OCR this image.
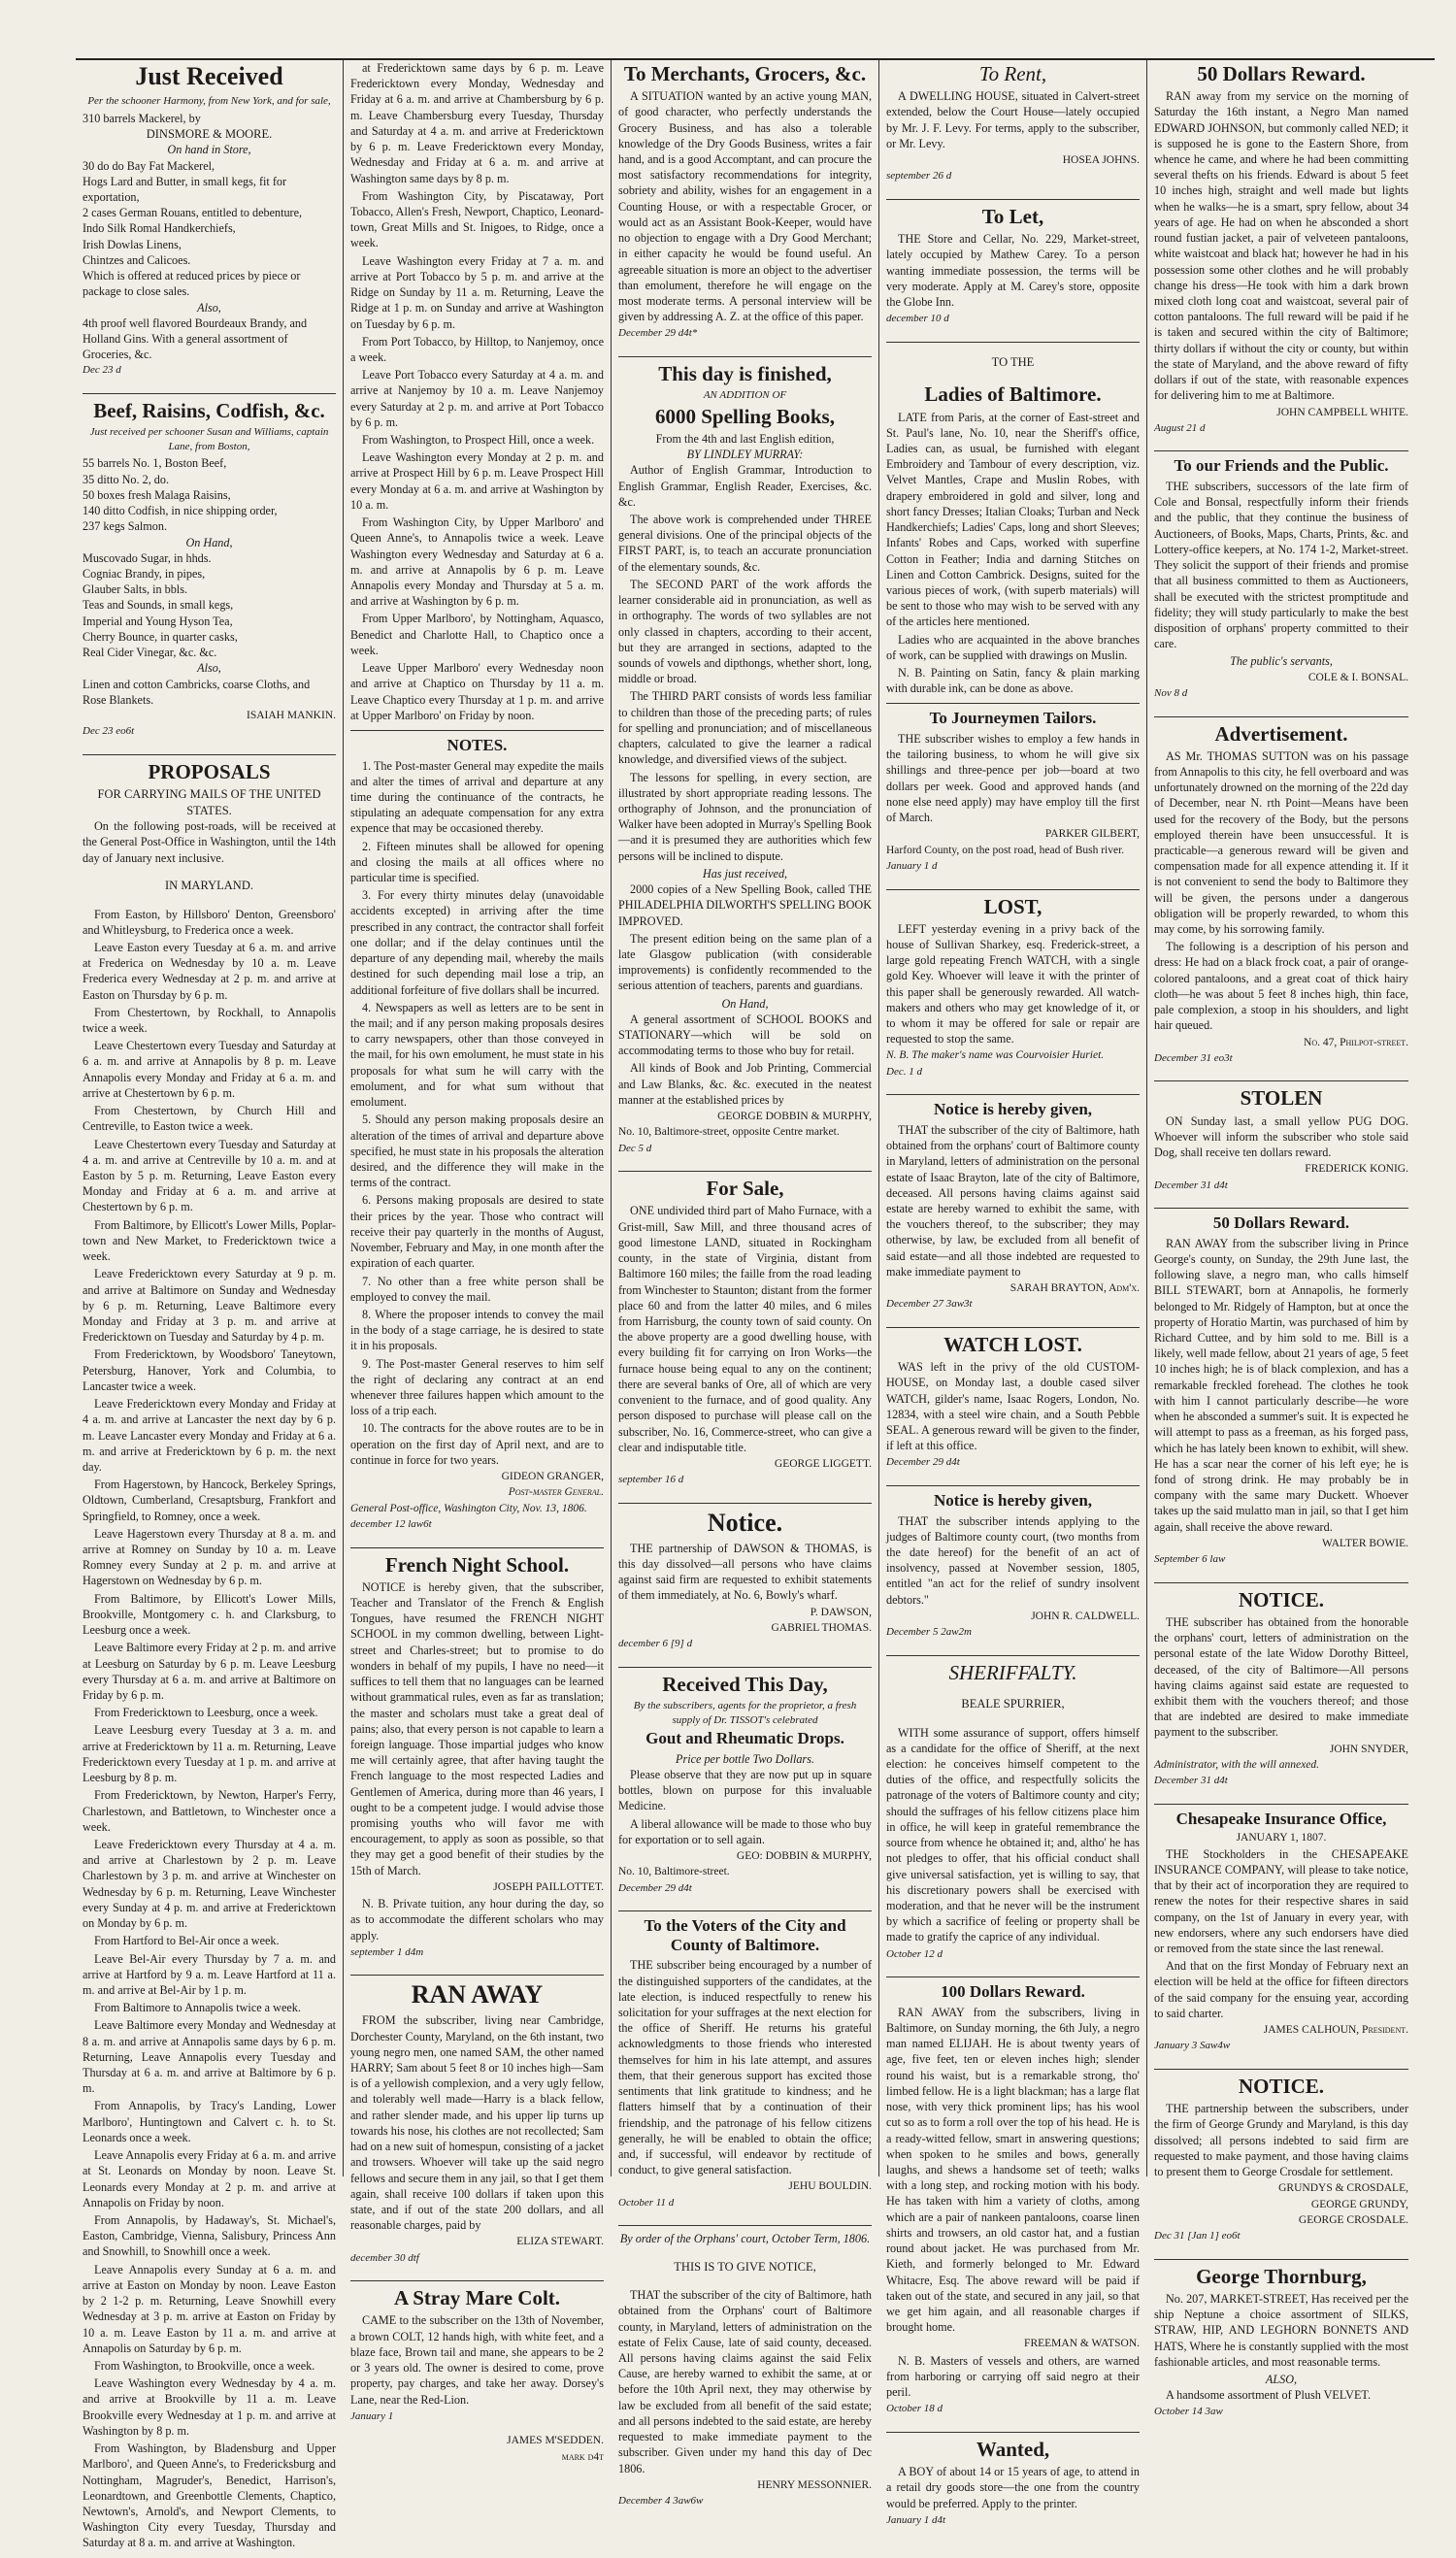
Just Received
Per the schooner Harmony, from New York, and for sale,

310 barrels Mackerel, by

DINSMORE & MOORE.

On hand in Store,

30 do do Bay Fat Mackerel,

Hogs Lard and Butter, in small kegs, fit for exportation,

2 cases German Rouans, entitled to debenture,

Indo Silk Romal Handkerchiefs,

Irish Dowlas Linens,

Chintzes and Calicoes.

Which is offered at reduced prices by piece or package to close sales.

Also,

4th proof well flavored Bourdeaux Brandy, and Holland Gins. With a general assortment of Groceries, &c.

Dec 23 d

Beef, Raisins, Codfish, &c.
Just received per schooner Susan and Williams, captain Lane, from Boston,

55 barrels No. 1, Boston Beef,

35 ditto No. 2, do.

50 boxes fresh Malaga Raisins,

140 ditto Codfish, in nice shipping order,

237 kegs Salmon.

On Hand,

Muscovado Sugar, in hhds.

Cogniac Brandy, in pipes,

Glauber Salts, in bbls.

Teas and Sounds, in small kegs,

Imperial and Young Hyson Tea,

Cherry Bounce, in quarter casks,

Real Cider Vinegar, &c. &c.

Also,

Linen and cotton Cambricks, coarse Cloths, and Rose Blankets.

ISAIAH MANKIN.

Dec 23 eo6t

PROPOSALS
FOR CARRYING MAILS OF THE UNITED STATES.

On the following post-roads, will be received at the General Post-Office in Washington, until the 14th day of January next inclusive.

IN MARYLAND.

From Easton, by Hillsboro' Denton, Greensboro' and Whitleysburg, to Frederica once a week.

Leave Easton every Tuesday at 6 a. m. and arrive at Frederica on Wednesday by 10 a. m. Leave Frederica every Wednesday at 2 p. m. and arrive at Easton on Thursday by 6 p. m.

From Chestertown, by Rockhall, to Annapolis twice a week.

Leave Chestertown every Tuesday and Saturday at 6 a. m. and arrive at Annapolis by 8 p. m. Leave Annapolis every Monday and Friday at 6 a. m. and arrive at Chestertown by 6 p. m.

From Chestertown, by Church Hill and Centreville, to Easton twice a week.

Leave Chestertown every Tuesday and Saturday at 4 a. m. and arrive at Centreville by 10 a. m. and at Easton by 5 p. m. Returning, Leave Easton every Monday and Friday at 6 a. m. and arrive at Chestertown by 6 p. m.

From Baltimore, by Ellicott's Lower Mills, Poplar-town and New Market, to Fredericktown twice a week.

Leave Fredericktown every Saturday at 9 p. m. and arrive at Baltimore on Sunday and Wednesday by 6 p. m. Returning, Leave Baltimore every Monday and Friday at 3 p. m. and arrive at Fredericktown on Tuesday and Saturday by 4 p. m.

From Fredericktown, by Woodsboro' Taneytown, Petersburg, Hanover, York and Columbia, to Lancaster twice a week.

Leave Fredericktown every Monday and Friday at 4 a. m. and arrive at Lancaster the next day by 6 p. m. Leave Lancaster every Monday and Friday at 6 a. m. and arrive at Fredericktown by 6 p. m. the next day.

From Hagerstown, by Hancock, Berkeley Springs, Oldtown, Cumberland, Cresaptsburg, Frankfort and Springfield, to Romney, once a week.

Leave Hagerstown every Thursday at 8 a. m. and arrive at Romney on Sunday by 10 a. m. Leave Romney every Sunday at 2 p. m. and arrive at Hagerstown on Wednesday by 6 p. m.

From Baltimore, by Ellicott's Lower Mills, Brookville, Montgomery c. h. and Clarksburg, to Leesburg once a week.

Leave Baltimore every Friday at 2 p. m. and arrive at Leesburg on Saturday by 6 p. m. Leave Leesburg every Thursday at 6 a. m. and arrive at Baltimore on Friday by 6 p. m.

From Fredericktown to Leesburg, once a week.

Leave Leesburg every Tuesday at 3 a. m. and arrive at Fredericktown by 11 a. m. Returning, Leave Fredericktown every Tuesday at 1 p. m. and arrive at Leesburg by 8 p. m.

From Fredericktown, by Newton, Harper's Ferry, Charlestown, and Battletown, to Winchester once a week.

Leave Fredericktown every Thursday at 4 a. m. and arrive at Charlestown by 2 p. m. Leave Charlestown by 3 p. m. and arrive at Winchester on Wednesday by 6 p. m. Returning, Leave Winchester every Sunday at 4 p. m. and arrive at Fredericktown on Monday by 6 p. m.

From Hartford to Bel-Air once a week.

Leave Bel-Air every Thursday by 7 a. m. and arrive at Hartford by 9 a. m. Leave Hartford at 11 a. m. and arrive at Bel-Air by 1 p. m.

From Baltimore to Annapolis twice a week.

Leave Baltimore every Monday and Wednesday at 8 a. m. and arrive at Annapolis same days by 6 p. m. Returning, Leave Annapolis every Tuesday and Thursday at 6 a. m. and arrive at Baltimore by 6 p. m.

From Annapolis, by Tracy's Landing, Lower Marlboro', Huntingtown and Calvert c. h. to St. Leonards once a week.

Leave Annapolis every Friday at 6 a. m. and arrive at St. Leonards on Monday by noon. Leave St. Leonards every Monday at 2 p. m. and arrive at Annapolis on Friday by noon.

From Annapolis, by Hadaway's, St. Michael's, Easton, Cambridge, Vienna, Salisbury, Princess Ann and Snowhill, to Snowhill once a week.

Leave Annapolis every Sunday at 6 a. m. and arrive at Easton on Monday by noon. Leave Easton by 2 1-2 p. m. Returning, Leave Snowhill every Wednesday at 3 p. m. arrive at Easton on Friday by 10 a. m. Leave Easton by 11 a. m. and arrive at Annapolis on Saturday by 6 p. m.

From Washington, to Brookville, once a week.

Leave Washington every Wednesday by 4 a. m. and arrive at Brookville by 11 a. m. Leave Brookville every Wednesday at 1 p. m. and arrive at Washington by 8 p. m.

From Washington, by Bladensburg and Upper Marlboro', and Queen Anne's, to Fredericksburg and Nottingham, Magruder's, Benedict, Harrison's, Leonardtown, and Greenbottle Clements, Chaptico, Newtown's, Arnold's, and Newport Clements, to Washington City every Tuesday, Thursday and Saturday at 8 a. m. and arrive at Washington.

at Fredericktown same days by 6 p. m. Leave Fredericktown every Monday, Wednesday and Friday at 6 a. m. and arrive at Chambersburg by 6 p. m. Leave Chambersburg every Tuesday, Thursday and Saturday at 4 a. m. and arrive at Fredericktown by 6 p. m. Leave Fredericktown every Monday, Wednesday and Friday at 6 a. m. and arrive at Washington same days by 8 p. m.

From Washington City, by Piscataway, Port Tobacco, Allen's Fresh, Newport, Chaptico, Leonard-town, Great Mills and St. Inigoes, to Ridge, once a week.

Leave Washington every Friday at 7 a. m. and arrive at Port Tobacco by 5 p. m. and arrive at the Ridge on Sunday by 11 a. m. Returning, Leave the Ridge at 1 p. m. on Sunday and arrive at Washington on Tuesday by 6 p. m.

From Port Tobacco, by Hilltop, to Nanjemoy, once a week.

Leave Port Tobacco every Saturday at 4 a. m. and arrive at Nanjemoy by 10 a. m. Leave Nanjemoy every Saturday at 2 p. m. and arrive at Port Tobacco by 6 p. m.

From Washington, to Prospect Hill, once a week.

Leave Washington every Monday at 2 p. m. and arrive at Prospect Hill by 6 p. m. Leave Prospect Hill every Monday at 6 a. m. and arrive at Washington by 10 a. m.

From Washington City, by Upper Marlboro' and Queen Anne's, to Annapolis twice a week. Leave Washington every Wednesday and Saturday at 6 a. m. and arrive at Annapolis by 6 p. m. Leave Annapolis every Monday and Thursday at 5 a. m. and arrive at Washington by 6 p. m.

From Upper Marlboro', by Nottingham, Aquasco, Benedict and Charlotte Hall, to Chaptico once a week.

Leave Upper Marlboro' every Wednesday noon and arrive at Chaptico on Thursday by 11 a. m. Leave Chaptico every Thursday at 1 p. m. and arrive at Upper Marlboro' on Friday by noon.

NOTES.

1. The Post-master General may expedite the mails and alter the times of arrival and departure at any time during the continuance of the contracts, he stipulating an adequate compensation for any extra expence that may be occasioned thereby.

2. Fifteen minutes shall be allowed for opening and closing the mails at all offices where no particular time is specified.

3. For every thirty minutes delay (unavoidable accidents excepted) in arriving after the time prescribed in any contract, the contractor shall forfeit one dollar; and if the delay continues until the departure of any depending mail, whereby the mails destined for such depending mail lose a trip, an additional forfeiture of five dollars shall be incurred.

4. Newspapers as well as letters are to be sent in the mail; and if any person making proposals desires to carry newspapers, other than those conveyed in the mail, for his own emolument, he must state in his proposals for what sum he will carry with the emolument, and for what sum without that emolument.

5. Should any person making proposals desire an alteration of the times of arrival and departure above specified, he must state in his proposals the alteration desired, and the difference they will make in the terms of the contract.

6. Persons making proposals are desired to state their prices by the year. Those who contract will receive their pay quarterly in the months of August, November, February and May, in one month after the expiration of each quarter.

7. No other than a free white person shall be employed to convey the mail.

8. Where the proposer intends to convey the mail in the body of a stage carriage, he is desired to state it in his proposals.

9. The Post-master General reserves to him self the right of declaring any contract at an end whenever three failures happen which amount to the loss of a trip each.

10. The contracts for the above routes are to be in operation on the first day of April next, and are to continue in force for two years.

GIDEON GRANGER,

Post-master General.

General Post-office, Washington City, Nov. 13, 1806.

december 12 law6t

French Night School.

NOTICE is hereby given, that the subscriber, Teacher and Translator of the French & English Tongues, have resumed the FRENCH NIGHT SCHOOL in my common dwelling, between Light-street and Charles-street; but to promise to do wonders in behalf of my pupils, I have no need—it suffices to tell them that no languages can be learned without grammatical rules, even as far as translation; the master and scholars must take a great deal of pains; also, that every person is not capable to learn a foreign language. Those impartial judges who know me will certainly agree, that after having taught the French language to the most respected Ladies and Gentlemen of America, during more than 46 years, I ought to be a competent judge. I would advise those promising youths who will favor me with encouragement, to apply as soon as possible, so that they may get a good benefit of their studies by the 15th of March.

JOSEPH PAILLOTTET.

N. B. Private tuition, any hour during the day, so as to accommodate the different scholars who may apply.

september 1 d4m

RAN AWAY

FROM the subscriber, living near Cambridge, Dorchester County, Maryland, on the 6th instant, two young negro men, one named SAM, the other named HARRY; Sam about 5 feet 8 or 10 inches high—Sam is of a yellowish complexion, and a very ugly fellow, and tolerably well made—Harry is a black fellow, and rather slender made, and his upper lip turns up towards his nose, his clothes are not recollected; Sam had on a new suit of homespun, consisting of a jacket and trowsers. Whoever will take up the said negro fellows and secure them in any jail, so that I get them again, shall receive 100 dollars if taken upon this state, and if out of the state 200 dollars, and all reasonable charges, paid by

ELIZA STEWART.

december 30 dtf

A Stray Mare Colt.

CAME to the subscriber on the 13th of November, a brown COLT, 12 hands high, with white feet, and a blaze face, Brown tail and mane, she appears to be 2 or 3 years old. The owner is desired to come, prove property, pay charges, and take her away. Dorsey's Lane, near the Red-Lion.

January 1

JAMES M'SEDDEN.

mark d4t

To Merchants, Grocers, &c.

A SITUATION wanted by an active young MAN, of good character, who perfectly understands the Grocery Business, and has also a tolerable knowledge of the Dry Goods Business, writes a fair hand, and is a good Accomptant, and can procure the most satisfactory recommendations for integrity, sobriety and ability, wishes for an engagement in a Counting House, or with a respectable Grocer, or would act as an Assistant Book-Keeper, would have no objection to engage with a Dry Good Merchant; in either capacity he would be found useful. An agreeable situation is more an object to the advertiser than emolument, therefore he will engage on the most moderate terms. A personal interview will be given by addressing A. Z. at the office of this paper.

December 29 d4t*

This day is finished,
AN ADDITION OF
6000 Spelling Books,

From the 4th and last English edition,

BY LINDLEY MURRAY:

Author of English Grammar, Introduction to English Grammar, English Reader, Exercises, &c. &c.

The above work is comprehended under THREE general divisions. One of the principal objects of the FIRST PART, is, to teach an accurate pronunciation of the elementary sounds, &c.

The SECOND PART of the work affords the learner considerable aid in pronunciation, as well as in orthography. The words of two syllables are not only classed in chapters, according to their accent, but they are arranged in sections, adapted to the sounds of vowels and dipthongs, whether short, long, middle or broad.

The THIRD PART consists of words less familiar to children than those of the preceding parts; of rules for spelling and pronunciation; and of miscellaneous chapters, calculated to give the learner a radical knowledge, and diversified views of the subject.

The lessons for spelling, in every section, are illustrated by short appropriate reading lessons. The orthography of Johnson, and the pronunciation of Walker have been adopted in Murray's Spelling Book—and it is presumed they are authorities which few persons will be inclined to dispute.

Has just received,

2000 copies of a New Spelling Book, called THE PHILADELPHIA DILWORTH'S SPELLING BOOK IMPROVED.

The present edition being on the same plan of a late Glasgow publication (with considerable improvements) is confidently recommended to the serious attention of teachers, parents and guardians.

On Hand,

A general assortment of SCHOOL BOOKS and STATIONARY—which will be sold on accommodating terms to those who buy for retail.

All kinds of Book and Job Printing, Commercial and Law Blanks, &c. &c. executed in the neatest manner at the established prices by

GEORGE DOBBIN & MURPHY,

No. 10, Baltimore-street, opposite Centre market.

Dec 5 d

For Sale,

ONE undivided third part of Maho Furnace, with a Grist-mill, Saw Mill, and three thousand acres of good limestone LAND, situated in Rockingham county, in the state of Virginia, distant from Baltimore 160 miles; the faille from the road leading from Winchester to Staunton; distant from the former place 60 and from the latter 40 miles, and 6 miles from Harrisburg, the county town of said county. On the above property are a good dwelling house, with every building fit for carrying on Iron Works—the furnace house being equal to any on the continent; there are several banks of Ore, all of which are very convenient to the furnace, and of good quality. Any person disposed to purchase will please call on the subscriber, No. 16, Commerce-street, who can give a clear and indisputable title.

GEORGE LIGGETT.

september 16 d

Notice.

THE partnership of DAWSON & THOMAS, is this day dissolved—all persons who have claims against said firm are requested to exhibit statements of them immediately, at No. 6, Bowly's wharf.

P. DAWSON,

GABRIEL THOMAS.

december 6 [9] d

Received This Day,
By the subscribers, agents for the proprietor, a fresh supply of Dr. TISSOT's celebrated
Gout and Rheumatic Drops.

Price per bottle Two Dollars.

Please observe that they are now put up in square bottles, blown on purpose for this invaluable Medicine.

A liberal allowance will be made to those who buy for exportation or to sell again.

GEO: DOBBIN & MURPHY,

No. 10, Baltimore-street.

December 29 d4t

To the Voters of the City and County of Baltimore.

THE subscriber being encouraged by a number of the distinguished supporters of the candidates, at the late election, is induced respectfully to renew his solicitation for your suffrages at the next election for the office of Sheriff. He returns his grateful acknowledgments to those friends who interested themselves for him in his late attempt, and assures them, that their generous support has excited those sentiments that link gratitude to kindness; and he flatters himself that by a continuation of their friendship, and the patronage of his fellow citizens generally, he will be enabled to obtain the office; and, if successful, will endeavor by rectitude of conduct, to give general satisfaction.

JEHU BOULDIN.

October 11 d

By order of the Orphans' court, October Term, 1806.

THIS IS TO GIVE NOTICE,

THAT the subscriber of the city of Baltimore, hath obtained from the Orphans' court of Baltimore county, in Maryland, letters of administration on the estate of Felix Cause, late of said county, deceased. All persons having claims against the said Felix Cause, are hereby warned to exhibit the same, at or before the 10th April next, they may otherwise by law be excluded from all benefit of the said estate; and all persons indebted to the said estate, are hereby requested to make immediate payment to the subscriber. Given under my hand this day of Dec 1806.

HENRY MESSONNIER.

December 4 3aw6w

To Rent,

A DWELLING HOUSE, situated in Calvert-street extended, below the Court House—lately occupied by Mr. J. F. Levy. For terms, apply to the subscriber, or Mr. Levy.

HOSEA JOHNS.

september 26 d

To Let,

THE Store and Cellar, No. 229, Market-street, lately occupied by Mathew Carey. To a person wanting immediate possession, the terms will be very moderate. Apply at M. Carey's store, opposite the Globe Inn.

december 10 d

TO THE

Ladies of Baltimore.

LATE from Paris, at the corner of East-street and St. Paul's lane, No. 10, near the Sheriff's office, Ladies can, as usual, be furnished with elegant Embroidery and Tambour of every description, viz. Velvet Mantles, Crape and Muslin Robes, with drapery embroidered in gold and silver, long and short fancy Dresses; Italian Cloaks; Turban and Neck Handkerchiefs; Ladies' Caps, long and short Sleeves; Infants' Robes and Caps, worked with superfine Cotton in Feather; India and darning Stitches on Linen and Cotton Cambrick. Designs, suited for the various pieces of work, (with superb materials) will be sent to those who may wish to be served with any of the articles here mentioned.

Ladies who are acquainted in the above branches of work, can be supplied with drawings on Muslin.

N. B. Painting on Satin, fancy & plain marking with durable ink, can be done as above.

To Journeymen Tailors.

THE subscriber wishes to employ a few hands in the tailoring business, to whom he will give six shillings and three-pence per job—board at two dollars per week. Good and approved hands (and none else need apply) may have employ till the first of March.

PARKER GILBERT,

Harford County, on the post road, head of Bush river.

January 1 d

LOST,

LEFT yesterday evening in a privy back of the house of Sullivan Sharkey, esq. Frederick-street, a large gold repeating French WATCH, with a single gold Key. Whoever will leave it with the printer of this paper shall be generously rewarded. All watch-makers and others who may get knowledge of it, or to whom it may be offered for sale or repair are requested to stop the same.

N. B. The maker's name was Courvoisier Huriet.

Dec. 1 d

Notice is hereby given,

THAT the subscriber of the city of Baltimore, hath obtained from the orphans' court of Baltimore county in Maryland, letters of administration on the personal estate of Isaac Brayton, late of the city of Baltimore, deceased. All persons having claims against said estate are hereby warned to exhibit the same, with the vouchers thereof, to the subscriber; they may otherwise, by law, be excluded from all benefit of said estate—and all those indebted are requested to make immediate payment to

SARAH BRAYTON, Adm'x.

December 27 3aw3t

WATCH LOST.

WAS left in the privy of the old CUSTOM-HOUSE, on Monday last, a double cased silver WATCH, gilder's name, Isaac Rogers, London, No. 12834, with a steel wire chain, and a South Pebble SEAL. A generous reward will be given to the finder, if left at this office.

December 29 d4t

Notice is hereby given,

THAT the subscriber intends applying to the judges of Baltimore county court, (two months from the date hereof) for the benefit of an act of insolvency, passed at November session, 1805, entitled "an act for the relief of sundry insolvent debtors."

JOHN R. CALDWELL.

December 5 2aw2m

SHERIFFALTY.

BEALE SPURRIER,

WITH some assurance of support, offers himself as a candidate for the office of Sheriff, at the next election: he conceives himself competent to the duties of the office, and respectfully solicits the patronage of the voters of Baltimore county and city; should the suffrages of his fellow citizens place him in office, he will keep in grateful remembrance the source from whence he obtained it; and, altho' he has not pledges to offer, that his official conduct shall give universal satisfaction, yet is willing to say, that his discretionary powers shall be exercised with moderation, and that he never will be the instrument by which a sacrifice of feeling or property shall be made to gratify the caprice of any individual.

October 12 d

100 Dollars Reward.

RAN AWAY from the subscribers, living in Baltimore, on Sunday morning, the 6th July, a negro man named ELIJAH. He is about twenty years of age, five feet, ten or eleven inches high; slender round his waist, but is a remarkable strong, tho' limbed fellow. He is a light blackman; has a large flat nose, with very thick prominent lips; has his wool cut so as to form a roll over the top of his head. He is a ready-witted fellow, smart in answering questions; when spoken to he smiles and bows, generally laughs, and shews a handsome set of teeth; walks with a long step, and rocking motion with his body. He has taken with him a variety of cloths, among which are a pair of nankeen pantaloons, coarse linen shirts and trowsers, an old castor hat, and a fustian round about jacket. He was purchased from Mr. Kieth, and formerly belonged to Mr. Edward Whitacre, Esq. The above reward will be paid if taken out of the state, and secured in any jail, so that we get him again, and all reasonable charges if brought home.

FREEMAN & WATSON.

N. B. Masters of vessels and others, are warned from harboring or carrying off said negro at their peril.

October 18 d

Wanted,

A BOY of about 14 or 15 years of age, to attend in a retail dry goods store—the one from the country would be preferred. Apply to the printer.

January 1 d4t

50 Dollars Reward.

RAN away from my service on the morning of Saturday the 16th instant, a Negro Man named EDWARD JOHNSON, but commonly called NED; it is supposed he is gone to the Eastern Shore, from whence he came, and where he had been committing several thefts on his friends. Edward is about 5 feet 10 inches high, straight and well made but lights when he walks—he is a smart, spry fellow, about 34 years of age. He had on when he absconded a short round fustian jacket, a pair of velveteen pantaloons, white waistcoat and black hat; however he had in his possession some other clothes and he will probably change his dress—He took with him a dark brown mixed cloth long coat and waistcoat, several pair of cotton pantaloons. The full reward will be paid if he is taken and secured within the city of Baltimore; thirty dollars if without the city or county, but within the state of Maryland, and the above reward of fifty dollars if out of the state, with reasonable expences for delivering him to me at Baltimore.

JOHN CAMPBELL WHITE.

August 21 d

To our Friends and the Public.

THE subscribers, successors of the late firm of Cole and Bonsal, respectfully inform their friends and the public, that they continue the business of Auctioneers, of Books, Maps, Charts, Prints, &c. and Lottery-office keepers, at No. 174 1-2, Market-street. They solicit the support of their friends and promise that all business committed to them as Auctioneers, shall be executed with the strictest promptitude and fidelity; they will study particularly to make the best disposition of orphans' property committed to their care.

The public's servants,

COLE & I. BONSAL.

Nov 8 d

Advertisement.

AS Mr. THOMAS SUTTON was on his passage from Annapolis to this city, he fell overboard and was unfortunately drowned on the morning of the 22d day of December, near N. rth Point—Means have been used for the recovery of the Body, but the persons employed therein have been unsuccessful. It is practicable—a generous reward will be given and compensation made for all expence attending it. If it is not convenient to send the body to Baltimore they will be given, the persons under a dangerous obligation will be properly rewarded, to whom this may come, by his sorrowing family.

The following is a description of his person and dress: He had on a black frock coat, a pair of orange-colored pantaloons, and a great coat of thick hairy cloth—he was about 5 feet 8 inches high, thin face, pale complexion, a stoop in his shoulders, and light hair queued.

No. 47, Philpot-street.

December 31 eo3t

STOLEN

ON Sunday last, a small yellow PUG DOG. Whoever will inform the subscriber who stole said Dog, shall receive ten dollars reward.

FREDERICK KONIG.

December 31 d4t

50 Dollars Reward.

RAN AWAY from the subscriber living in Prince George's county, on Sunday, the 29th June last, the following slave, a negro man, who calls himself BILL STEWART, born at Annapolis, he formerly belonged to Mr. Ridgely of Hampton, but at once the property of Horatio Martin, was purchased of him by Richard Cuttee, and by him sold to me. Bill is a likely, well made fellow, about 21 years of age, 5 feet 10 inches high; he is of black complexion, and has a remarkable freckled forehead. The clothes he took with him I cannot particularly describe—he wore when he absconded a summer's suit. It is expected he will attempt to pass as a freeman, as his forged pass, which he has lately been known to exhibit, will shew. He has a scar near the corner of his left eye; he is fond of strong drink. He may probably be in company with the same mary Duckett. Whoever takes up the said mulatto man in jail, so that I get him again, shall receive the above reward.

WALTER BOWIE.

September 6 law

NOTICE.

THE subscriber has obtained from the honorable the orphans' court, letters of administration on the personal estate of the late Widow Dorothy Bitteel, deceased, of the city of Baltimore—All persons having claims against said estate are requested to exhibit them with the vouchers thereof; and those that are indebted are desired to make immediate payment to the subscriber.

JOHN SNYDER,

Administrator, with the will annexed.

December 31 d4t

Chesapeake Insurance Office,

JANUARY 1, 1807.

THE Stockholders in the CHESAPEAKE INSURANCE COMPANY, will please to take notice, that by their act of incorporation they are required to renew the notes for their respective shares in said company, on the 1st of January in every year, with new endorsers, where any such endorsers have died or removed from the state since the last renewal.

And that on the first Monday of February next an election will be held at the office for fifteen directors of the said company for the ensuing year, according to said charter.

JAMES CALHOUN, President.

January 3 Saw4w

NOTICE.

THE partnership between the subscribers, under the firm of George Grundy and Maryland, is this day dissolved; all persons indebted to said firm are requested to make payment, and those having claims to present them to George Crosdale for settlement.

GRUNDYS & CROSDALE,

GEORGE GRUNDY,

GEORGE CROSDALE.

Dec 31 [Jan 1] eo6t

George Thornburg,

No. 207, MARKET-STREET, Has received per the ship Neptune a choice assortment of SILKS, STRAW, HIP, AND LEGHORN BONNETS AND HATS, Where he is constantly supplied with the most fashionable articles, and most reasonable terms.

ALSO,

A handsome assortment of Plush VELVET.

October 14 3aw
